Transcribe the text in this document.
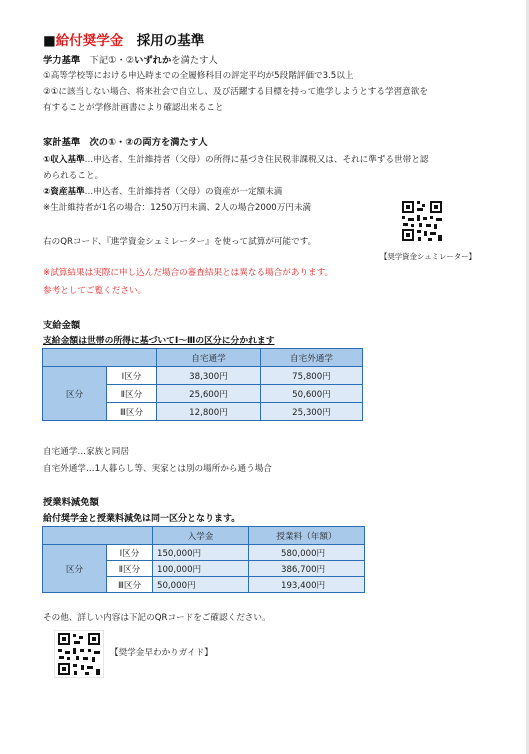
■給付奨学金　 採用の基準
学力基準　 下記①・②いずれかを満たす人
①高等学校等における申込時までの全履修科目の評定平均が5段階評価で3.5以上
②①に該当しない場合、将来社会で自立し、及び活躍する目標を持って進学しようとする学習意欲を
有することが学修計画書により確認出来ること
家計基準　次の①・②の両方を満たす人
①収入基準…申込者、生計維持者（父母）の所得に基づき住民税非課税又は、それに準ずる世帯と認
められること。
②資産基準…申込者、生計維持者（父母）の資産が一定額未満
※生計維持者が1名の場合：1250万円未満、2人の場合2000万円未満
右のQRコード、『進学資金シュミレーター』を使って試算が可能です。
【奨学資金シュミレーター】
※試算結果は実際に申し込んだ場合の審査結果とは異なる場合があります。
参考としてご覧ください。
支給金額
支給金額は世帯の所得に基づいてⅠ～Ⅲの区分に分かれます
		自宅通学	自宅外通学
区分	Ⅰ区分	38,300円	75,800円
	Ⅱ区分	25,600円	50,600円
	Ⅲ区分	12,800円	25,300円
自宅通学…家族と同居
自宅外通学…1人暮らし等、実家とは別の場所から通う場合
授業料減免額
給付奨学金と授業料減免は同一区分となります。
		入学金	授業料（年額）
区分	Ⅰ区分	150,000円	580,000円
	Ⅱ区分	100,000円	386,700円
	Ⅲ区分	50,000円	193,400円
その他、詳しい内容は下記のQRコードをご確認ください。
【奨学金早わかりガイド】
